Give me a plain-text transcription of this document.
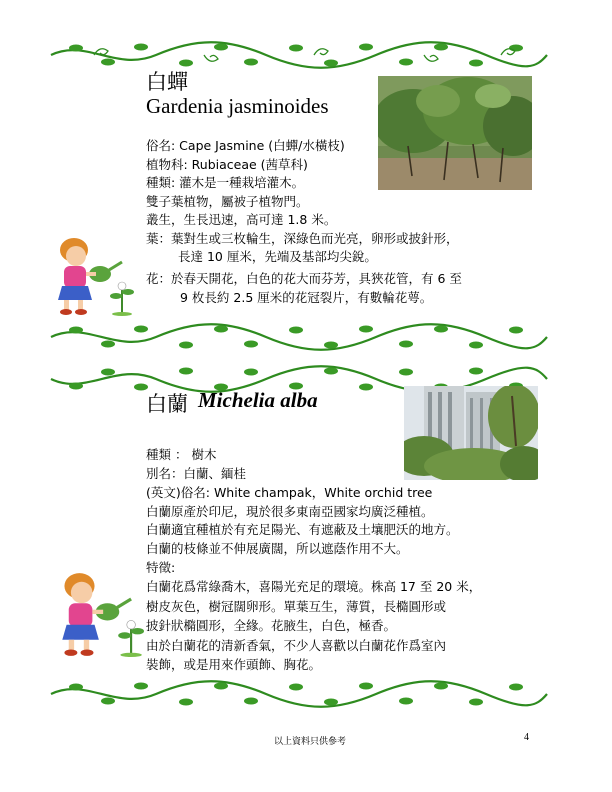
白蟬
Gardenia jasminoides
俗名: Cape Jasmine (白蟬/水橫枝)
植物科: Rubiaceae (茜草科)
種類: 灌木是一種栽培灌木。
雙子葉植物，屬被子植物門。
叢生，生長迅速，高可達 1.8 米。
葉：葉對生或三枚輪生，深綠色而光亮，卵形或披針形，
長達 10 厘米，先端及基部均尖銳。
花：於春天開花，白色的花大而芬芳，具狹花管，有 6 至
9 枚長約 2.5 厘米的花冠裂片，有數輪花萼。
白蘭 Michelia alba
種類 ： 樹木
別名：白蘭、緬桂
(英文)俗名: White champak，White orchid tree
白蘭原產於印尼，現於很多東南亞國家均廣泛種植。
白蘭適宜種植於有充足陽光、有遮蔽及土壤肥沃的地方。
白蘭的枝條並不伸展廣闊，所以遮蔭作用不大。
特徵:
白蘭花爲常綠喬木，喜陽光充足的環境。株高 17 至 20 米，
樹皮灰色，樹冠闊卵形。單葉互生，薄質，長橢圓形或
披針狀橢圓形，全緣。花腋生，白色，極香。
由於白蘭花的清新香氣，不少人喜歡以白蘭花作爲室內
裝飾，或是用來作頭飾、胸花。
以上資料只供參考	4
